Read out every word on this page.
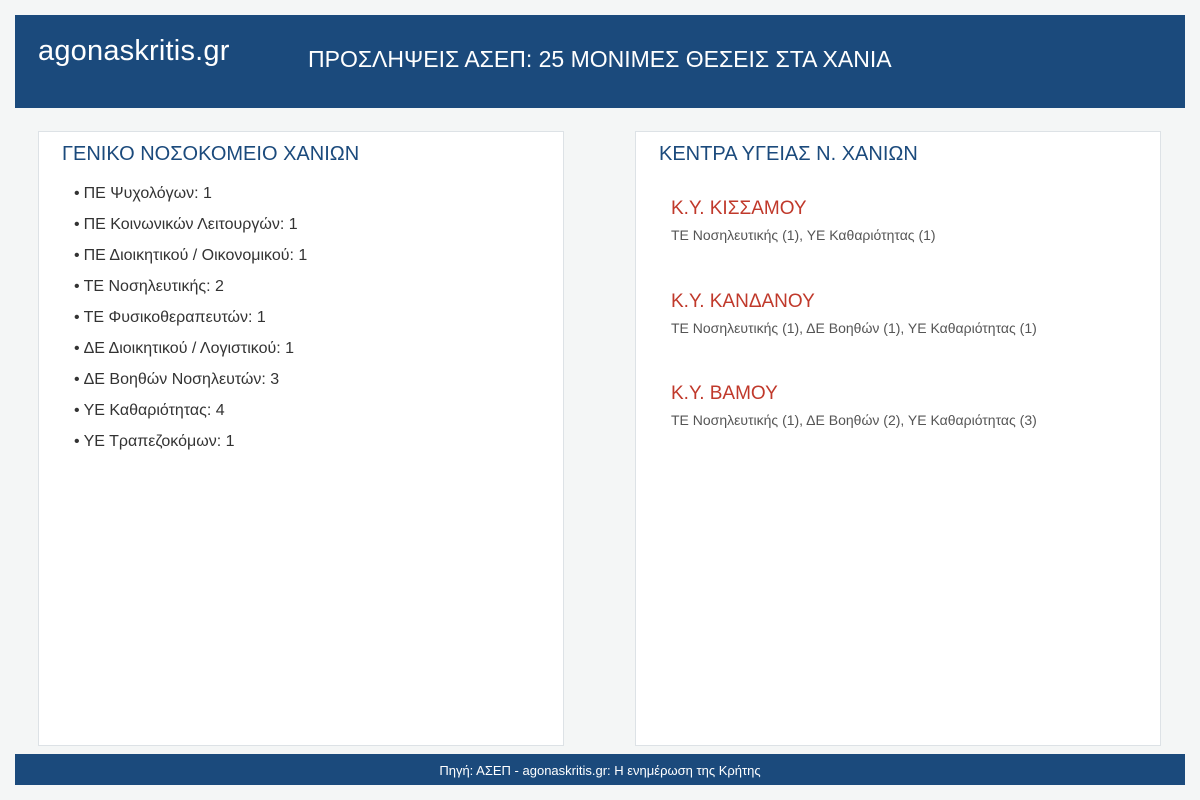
agonaskritis.gr	ΠΡΟΣΛΗΨΕΙΣ ΑΣΕΠ: 25 ΜΟΝΙΜΕΣ ΘΕΣΕΙΣ ΣΤΑ ΧΑΝΙΑ
ΓΕΝΙΚΟ ΝΟΣΟΚΟΜΕΙΟ ΧΑΝΙΩΝ
• ΠΕ Ψυχολόγων: 1
• ΠΕ Κοινωνικών Λειτουργών: 1
• ΠΕ Διοικητικού / Οικονομικού: 1
• ΤΕ Νοσηλευτικής: 2
• ΤΕ Φυσικοθεραπευτών: 1
• ΔΕ Διοικητικού / Λογιστικού: 1
• ΔΕ Βοηθών Νοσηλευτών: 3
• ΥΕ Καθαριότητας: 4
• ΥΕ Τραπεζοκόμων: 1
ΚΕΝΤΡΑ ΥΓΕΙΑΣ Ν. ΧΑΝΙΩΝ
Κ.Υ. ΚΙΣΣΑΜΟΥ
ΤΕ Νοσηλευτικής (1), ΥΕ Καθαριότητας (1)
Κ.Υ. ΚΑΝΔΑΝΟΥ
ΤΕ Νοσηλευτικής (1), ΔΕ Βοηθών (1), ΥΕ Καθαριότητας (1)
Κ.Υ. ΒΑΜΟΥ
ΤΕ Νοσηλευτικής (1), ΔΕ Βοηθών (2), ΥΕ Καθαριότητας (3)
Πηγή: ΑΣΕΠ - agonaskritis.gr: Η ενημέρωση της Κρήτης
